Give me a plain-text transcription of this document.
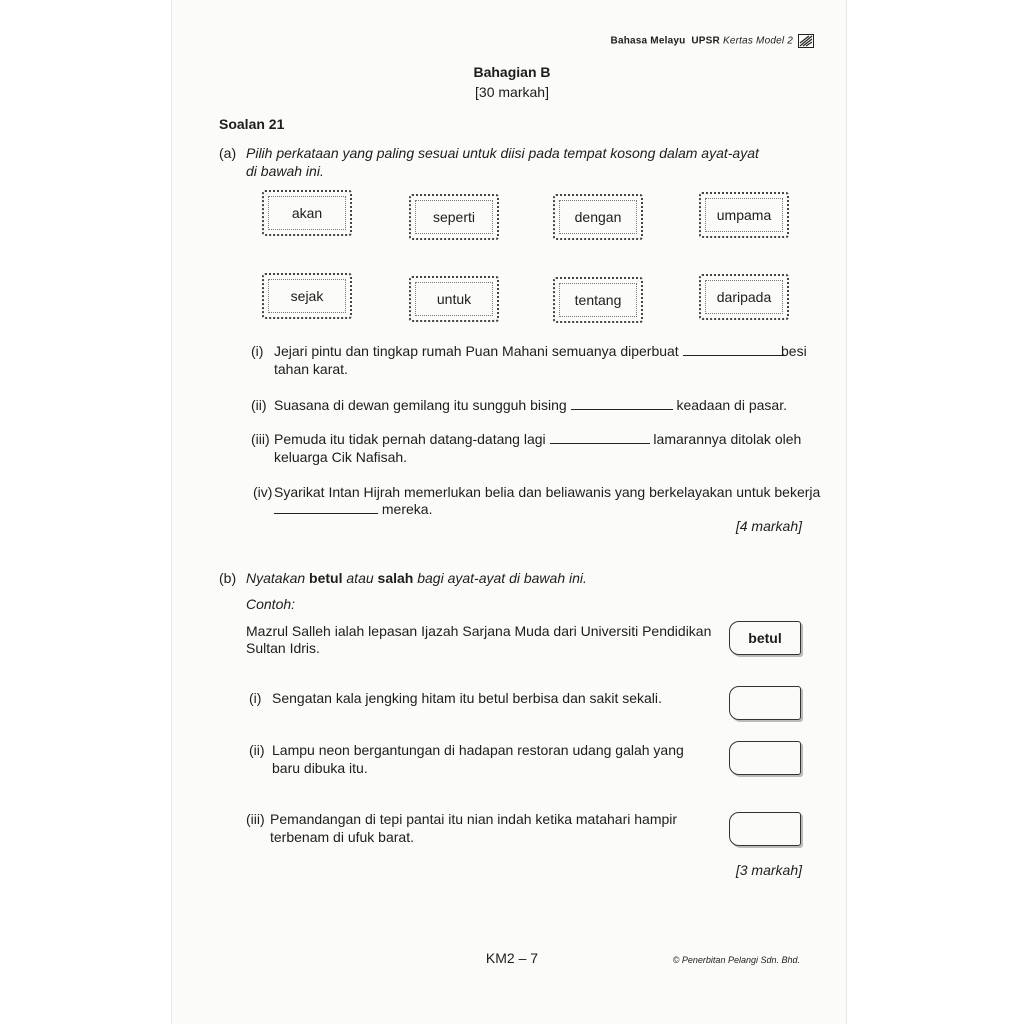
Bahasa Melayu UPSR Kertas Model 2
Bahagian B
[30 markah]
Soalan 21
(a) Pilih perkataan yang paling sesuai untuk diisi pada tempat kosong dalam ayat-ayat
di bawah ini.
akan	seperti	dengan	umpama
sejak	untuk	tentang	daripada
(i) Jejari pintu dan tingkap rumah Puan Mahani semuanya diperbuat	besi
tahan karat.
(ii) Suasana di dewan gemilang itu sungguh bising	keadaan di pasar.
(iii) Pemuda itu tidak pernah datang-datang lagi	lamarannya ditolak oleh
keluarga Cik Nafisah.
(iv) Syarikat Intan Hijrah memerlukan belia dan beliawanis yang berkelayakan untuk bekerja
mereka.
[4 markah]
(b) Nyatakan betul atau salah bagi ayat-ayat di bawah ini.
Contoh:
Mazrul Salleh ialah lepasan Ijazah Sarjana Muda dari Universiti Pendidikan
Sultan Idris.
betul
(i) Sengatan kala jengking hitam itu betul berbisa dan sakit sekali.
(ii) Lampu neon bergantungan di hadapan restoran udang galah yang
baru dibuka itu.
(iii) Pemandangan di tepi pantai itu nian indah ketika matahari hampir
terbenam di ufuk barat.
[3 markah]
KM2 – 7	© Penerbitan Pelangi Sdn. Bhd.
